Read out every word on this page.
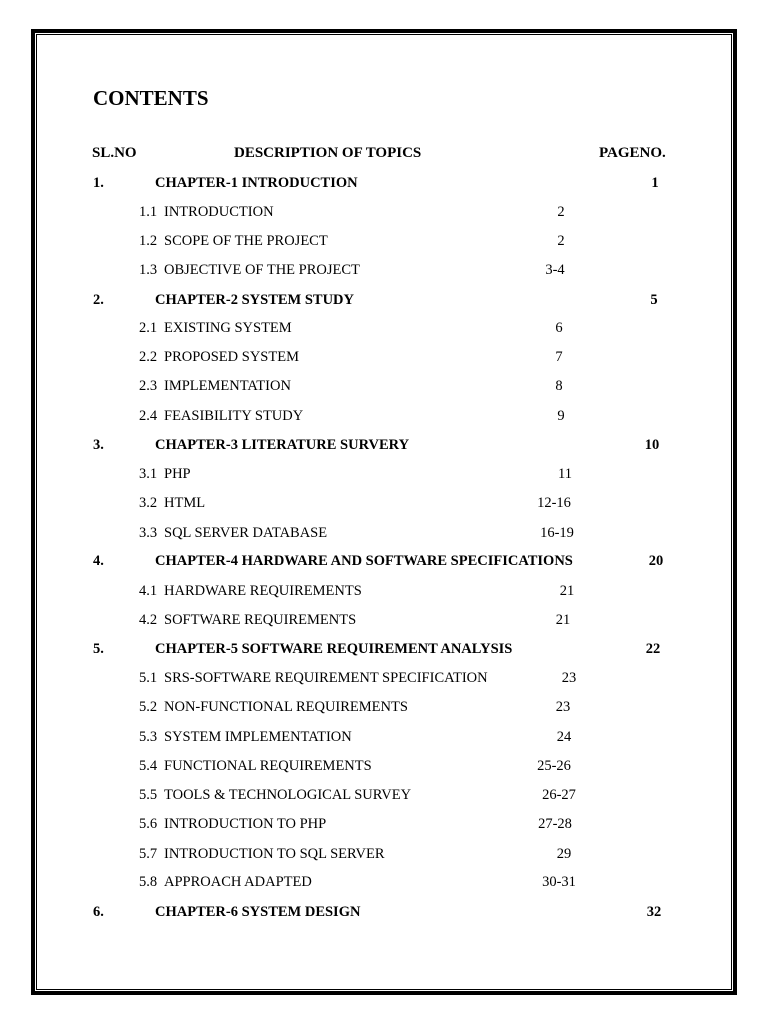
CONTENTS
SL.NO	DESCRIPTION OF TOPICS	PAGENO.
1.	CHAPTER-1 INTRODUCTION	1
1.1 INTRODUCTION	2
1.2 SCOPE OF THE PROJECT	2
1.3 OBJECTIVE OF THE PROJECT	3-4
2.	CHAPTER-2 SYSTEM STUDY	5
2.1 EXISTING SYSTEM	6
2.2 PROPOSED SYSTEM	7
2.3 IMPLEMENTATION	8
2.4 FEASIBILITY STUDY	9
3.	CHAPTER-3 LITERATURE SURVERY	10
3.1 PHP	11
3.2 HTML	12-16
3.3 SQL SERVER DATABASE	16-19
4.	CHAPTER-4 HARDWARE AND SOFTWARE SPECIFICATIONS	20
4.1 HARDWARE REQUIREMENTS	21
4.2 SOFTWARE REQUIREMENTS	21
5.	CHAPTER-5 SOFTWARE REQUIREMENT ANALYSIS	22
5.1 SRS-SOFTWARE REQUIREMENT SPECIFICATION	23
5.2 NON-FUNCTIONAL REQUIREMENTS	23
5.3 SYSTEM IMPLEMENTATION	24
5.4 FUNCTIONAL REQUIREMENTS	25-26
5.5 TOOLS & TECHNOLOGICAL SURVEY	26-27
5.6 INTRODUCTION TO PHP	27-28
5.7 INTRODUCTION TO SQL SERVER	29
5.8 APPROACH ADAPTED	30-31
6.	CHAPTER-6 SYSTEM DESIGN	32
